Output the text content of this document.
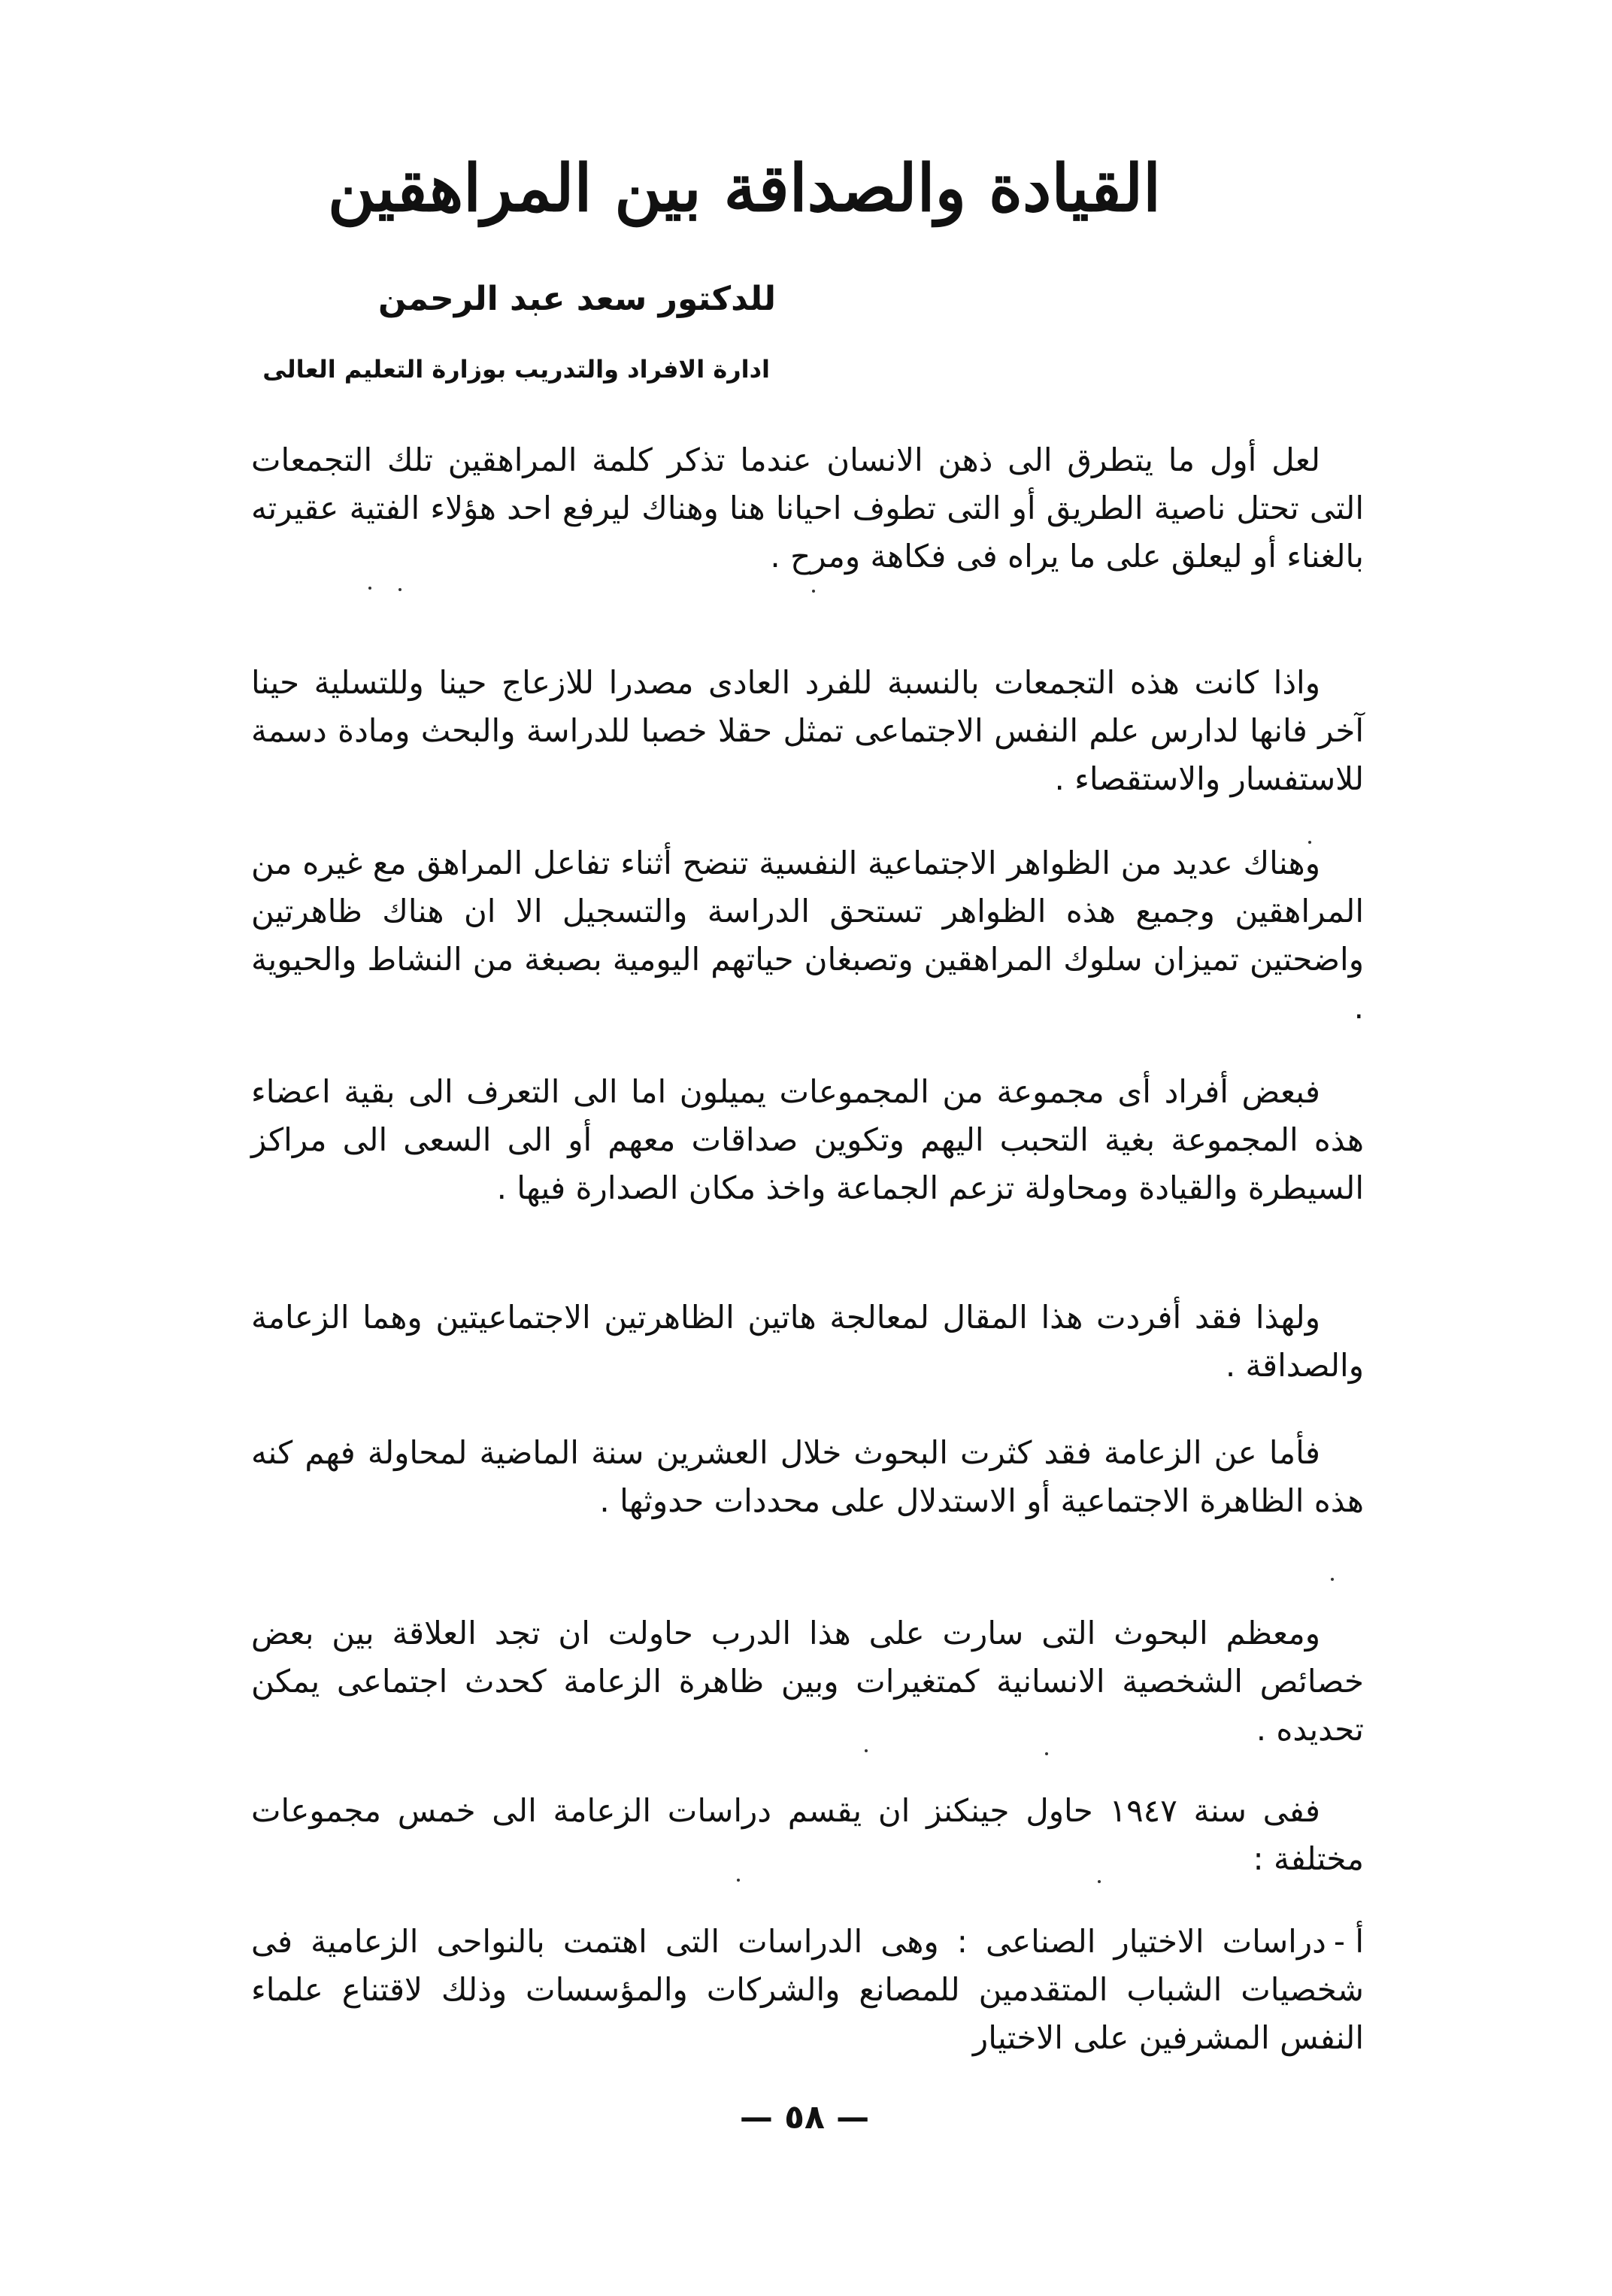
القيادة والصداقة بين المراهقين
للدكتور سعد عبد الرحمن
ادارة الافراد والتدريب بوزارة التعليم العالى
لعل أول ما يتطرق الى ذهن الانسان عندما تذكر كلمة المراهقين تلك التجمعات التى تحتل ناصية الطريق أو التى تطوف احيانا هنا وهناك ليرفع احد هؤلاء الفتية عقيرته بالغناء أو ليعلق على ما يراه فى فكاهة ومرح .
واذا كانت هذه التجمعات بالنسبة للفرد العادى مصدرا للازعاج حينا وللتسلية حينا آخر فانها لدارس علم النفس الاجتماعى تمثل حقلا خصبا للدراسة والبحث ومادة دسمة للاستفسار والاستقصاء .
وهناك عديد من الظواهر الاجتماعية النفسية تنضح أثناء تفاعل المراهق مع غيره من المراهقين وجميع هذه الظواهر تستحق الدراسة والتسجيل الا ان هناك ظاهرتين واضحتين تميزان سلوك المراهقين وتصبغان حياتهم اليومية بصبغة من النشاط والحيوية .
فبعض أفراد أى مجموعة من المجموعات يميلون اما الى التعرف الى بقية اعضاء هذه المجموعة بغية التحبب اليهم وتكوين صداقات معهم أو الى السعى الى مراكز السيطرة والقيادة ومحاولة تزعم الجماعة واخذ مكان الصدارة فيها .
ولهذا فقد أفردت هذا المقال لمعالجة هاتين الظاهرتين الاجتماعيتين وهما الزعامة والصداقة .
فأما عن الزعامة فقد كثرت البحوث خلال العشرين سنة الماضية لمحاولة فهم كنه هذه الظاهرة الاجتماعية أو الاستدلال على محددات حدوثها .
ومعظم البحوث التى سارت على هذا الدرب حاولت ان تجد العلاقة بين بعض خصائص الشخصية الانسانية كمتغيرات وبين ظاهرة الزعامة كحدث اجتماعى يمكن تحديده .
ففى سنة ١٩٤٧ حاول جينكنز ان يقسم دراسات الزعامة الى خمس مجموعات مختلفة :
أ -دراسات الاختيار الصناعى : وهى الدراسات التى اهتمت بالنواحى الزعامية فى شخصيات الشباب المتقدمين للمصانع والشركات والمؤسسات وذلك لاقتناع علماء النفس المشرفين على الاختيار
— ٥٨ —
